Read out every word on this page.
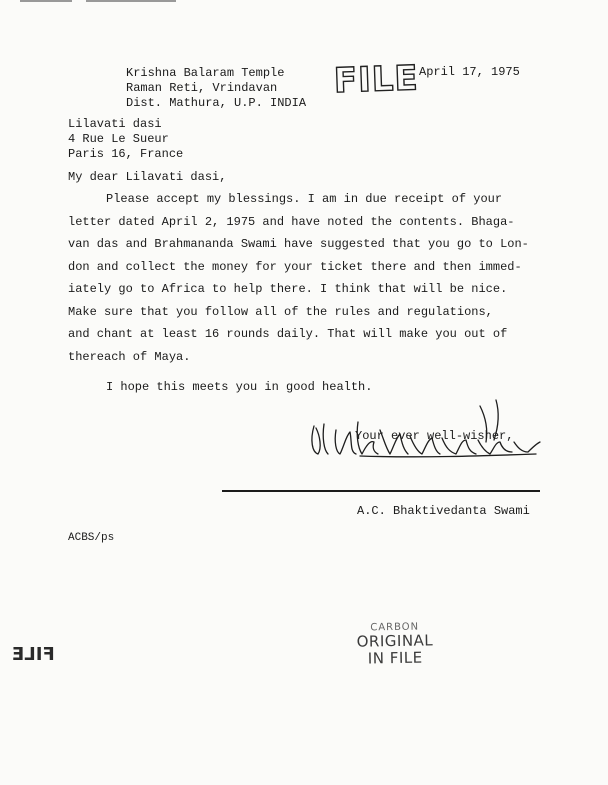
Krishna Balaram Temple
Raman Reti, Vrindavan
Dist. Mathura, U.P. INDIA
FILE April 17, 1975
Lilavati dasi
4 Rue Le Sueur
Paris 16, France
My dear Lilavati dasi,
Please accept my blessings. I am in due receipt of your
letter dated April 2, 1975 and have noted the contents. Bhaga-
van das and Brahmananda Swami have suggested that you go to Lon-
don and collect the money for your ticket there and then immed-
iately go to Africa to help there. I think that will be nice.
Make sure that you follow all of the rules and regulations,
and chant at least 16 rounds daily. That will make you out of
thereach of Maya.
I hope this meets you in good health.
Your ever well-wisher,
A.C. Bhaktivedanta Swami
ACBS/ps
CARBON
ORIGINAL
IN FILE
FILE
